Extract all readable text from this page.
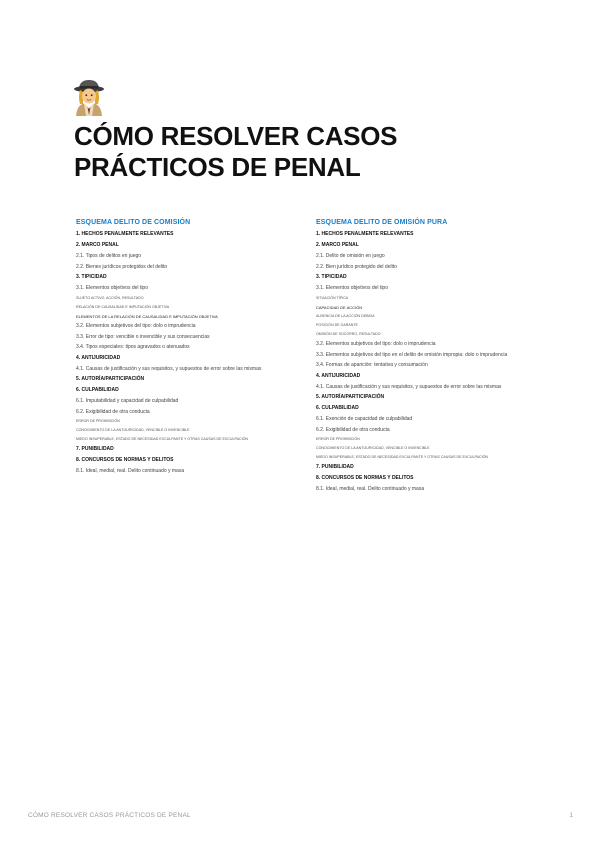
CÓMO RESOLVER CASOS
PRÁCTICOS DE PENAL
ESQUEMA DELITO DE COMISIÓN
1. HECHOS PENALMENTE RELEVANTES
2. MARCO PENAL
2.1. Tipos de delitos en juego
2.2. Bienes jurídicos protegidos del delito
3. TIPICIDAD
3.1. Elementos objetivos del tipo
SUJETO ACTIVO, ACCIÓN, RESULTADO
RELACIÓN DE CAUSALIDAD E IMPUTACIÓN OBJETIVA
ELEMENTOS DE LA RELACIÓN DE CAUSALIDAD E IMPUTACIÓN OBJETIVA
3.2. Elementos subjetivos del tipo: dolo o imprudencia
3.3. Error de tipo: vencible o invencible y sus consecuencias
3.4. Tipos especiales: tipos agravados o atenuados
4. ANTIJURICIDAD
4.1. Causas de justificación y sus requisitos, y supuestos de error sobre las mismas
5. AUTORÍA/PARTICIPACIÓN
6. CULPABILIDAD
6.1. Imputabilidad y capacidad de culpabilidad
6.2. Exigibilidad de otra conducta
ERROR DE PROHIBICIÓN
CONOCIMIENTO DE LA ANTIJURICIDAD, VENCIBLE O INVENCIBLE
MIEDO INSUPERABLE, ESTADO DE NECESIDAD EXCULPANTE Y OTRAS CAUSAS DE EXCULPACIÓN
7. PUNIBILIDAD
8. CONCURSOS DE NORMAS Y DELITOS
8.1. Ideal, medial, real. Delito continuado y masa
ESQUEMA DELITO DE OMISIÓN PURA
1. HECHOS PENALMENTE RELEVANTES
2. MARCO PENAL
2.1. Delito de omisión en juego
2.2. Bien jurídico protegido del delito
3. TIPICIDAD
3.1. Elementos objetivos del tipo
SITUACIÓN TÍPICA
CAPACIDAD DE ACCIÓN
AUSENCIA DE LA ACCIÓN DEBIDA
POSICIÓN DE GARANTE
OMISIÓN DE SOCORRO, RESULTADO
3.2. Elementos subjetivos del tipo: dolo o imprudencia
3.3. Elementos subjetivos del tipo en el delito de omisión impropia: dolo o imprudencia
3.4. Formas de aparición: tentativa y consumación
4. ANTIJURICIDAD
4.1. Causas de justificación y sus requisitos, y supuestos de error sobre las mismas
5. AUTORÍA/PARTICIPACIÓN
6. CULPABILIDAD
6.1. Exención de capacidad de culpabilidad
6.2. Exigibilidad de otra conducta
ERROR DE PROHIBICIÓN
CONOCIMIENTO DE LA ANTIJURICIDAD, VENCIBLE O INVENCIBLE
MIEDO INSUPERABLE, ESTADO DE NECESIDAD EXCULPANTE Y OTRAS CAUSAS DE EXCULPACIÓN
7. PUNIBILIDAD
8. CONCURSOS DE NORMAS Y DELITOS
8.1. Ideal, medial, real. Delito continuado y masa
CÓMO RESOLVER CASOS PRÁCTICOS DE PENAL	1
